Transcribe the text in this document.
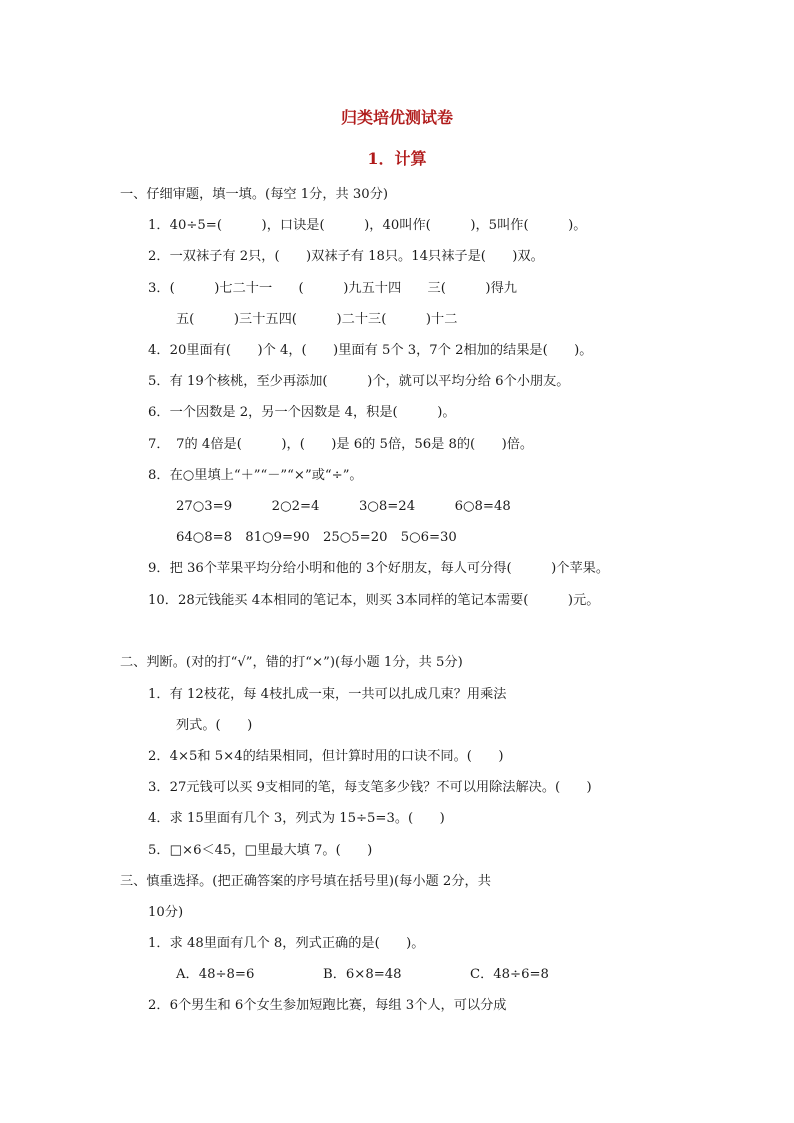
归类培优测试卷
1．计算
一、仔细审题，填一填。(每空 1分，共 30分)
1．40÷5=(　　　)，口诀是(　　　)，40叫作(　　　)，5叫作(　　　)。
2．一双袜子有 2只，(　　)双袜子有 18只。14只袜子是(　　)双。
3．(　　　)七二十一　　(　　　)九五十四　　三(　　　)得九
五(　　　)三十五四(　　　)二十三(　　　)十二
4．20里面有(　　)个 4，(　　)里面有 5个 3，7个 2相加的结果是(　　)。
5．有 19个核桃，至少再添加(　　　)个，就可以平均分给 6个小朋友。
6．一个因数是 2，另一个因数是 4，积是(　　　)。
7．　7的 4倍是(　　　)，(　　)是 6的 5倍，56是 8的(　　)倍。
8．在○里填上“＋”“－”“×”或“÷”。
27○3=9　　　2○2=4　　　3○8=24　　　6○8=48
64○8=8　81○9=90　25○5=20　5○6=30
9．把 36个苹果平均分给小明和他的 3个好朋友，每人可分得(　　　)个苹果。
10．28元钱能买 4本相同的笔记本，则买 3本同样的笔记本需要(　　　)元。
二、判断。(对的打“√”，错的打“×”)(每小题 1分，共 5分)
1．有 12枝花，每 4枝扎成一束，一共可以扎成几束？用乘法
列式。(　　)
2．4×5和 5×4的结果相同，但计算时用的口诀不同。(　　)
3．27元钱可以买 9支相同的笔，每支笔多少钱？不可以用除法解决。(　　)
4．求 15里面有几个 3，列式为 15÷5=3。(　　)
5．□×6＜45，□里最大填 7。(　　)
三、慎重选择。(把正确答案的序号填在括号里)(每小题 2分，共
10分)
1．求 48里面有几个 8，列式正确的是(　　)。
A．48÷8=6	B．6×8=48	C．48÷6=8
2．6个男生和 6个女生参加短跑比赛，每组 3个人，可以分成
